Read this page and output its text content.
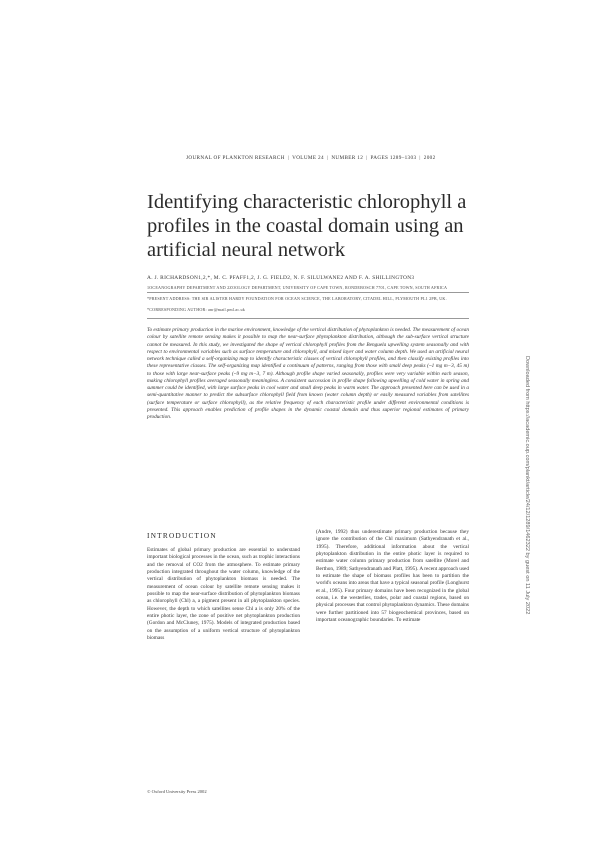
JOURNAL OF PLANKTON RESEARCH | VOLUME 24 | NUMBER 12 | PAGES 1289–1303 | 2002
Identifying characteristic chlorophyll a profiles in the coastal domain using an artificial neural network
A. J. RICHARDSON1,2,*, M. C. PFAFF1,2, J. G. FIELD2, N. F. SILULWANE2 AND F. A. SHILLINGTON3
1OCEANOGRAPHY DEPARTMENT AND 2ZOOLOGY DEPARTMENT, UNIVERSITY OF CAPE TOWN, RONDEBOSCH 7701, CAPE TOWN, SOUTH AFRICA
*PRESENT ADDRESS: THE SIR ALISTER HARDY FOUNDATION FOR OCEAN SCIENCE, THE LABORATORY, CITADEL HILL, PLYMOUTH PL1 2PB, UK.
*CORRESPONDING AUTHOR: anr@mail.pml.ac.uk

To estimate primary production in the marine environment, knowledge of the vertical distribution of phytoplankton is needed. The measurement of ocean colour by satellite remote sensing makes it possible to map the near-surface phytoplankton distribution, although the sub-surface vertical structure cannot be measured. In this study, we investigated the shape of vertical chlorophyll profiles from the Benguela upwelling system seasonally and with respect to environmental variables such as surface temperature and chlorophyll, and mixed layer and water column depth. We used an artificial neural network technique called a self-organizing map to identify characteristic classes of vertical chlorophyll profiles, and then classify existing profiles into these representative classes. The self-organizing map identified a continuum of patterns, ranging from those with small deep peaks (~1 mg m−3, 45 m) to those with large near-surface peaks (~9 mg m−3, 7 m). Although profile shape varied seasonally, profiles were very variable within each season, making chlorophyll profiles averaged seasonally meaningless. A consistent succession in profile shape following upwelling of cold water in spring and summer could be identified, with large surface peaks in cool water and small deep peaks in warm water. The approach presented here can be used in a semi-quantitative manner to predict the subsurface chlorophyll field from known (water column depth) or easily measured variables from satellites (surface temperature or surface chlorophyll), as the relative frequency of each characteristic profile under different environmental conditions is presented. This approach enables prediction of profile shapes in the dynamic coastal domain and thus superior regional estimates of primary production.

INTRODUCTION

Estimates of global primary production are essential to understand important biological processes in the ocean, such as trophic interactions and the removal of CO2 from the atmosphere. To estimate primary production integrated throughout the water column, knowledge of the vertical distribution of phytoplankton biomass is needed. The measurement of ocean colour by satellite remote sensing makes it possible to map the near-surface distribution of phytoplankton biomass as chlorophyll (Chl) a, a pigment present in all phytoplankton species. However, the depth to which satellites sense Chl a is only 20% of the entire photic layer, the zone of positive net phytoplankton production (Gordon and McCluney, 1975). Models of integrated production based on the assumption of a uniform vertical structure of phytoplankton biomass

(Andre, 1992) thus underestimate primary production because they ignore the contribution of the Chl maximum (Sathyendranath et al., 1995). Therefore, additional information about the vertical phytoplankton distribution in the entire photic layer is required to estimate water column primary production from satellite (Morel and Berthon, 1989; Sathyendranath and Platt, 1995). A recent approach used to estimate the shape of biomass profiles has been to partition the world's oceans into areas that have a typical seasonal profile (Longhurst et al., 1995). Four primary domains have been recognized in the global ocean, i.e. the westerlies, trades, polar and coastal regions, based on physical processes that control phytoplankton dynamics. These domains were further partitioned into 57 biogeochemical provinces, based on important oceanographic boundaries. To estimate

© Oxford University Press 2002
Downloaded from https://academic.oup.com/plankt/article/24/12/1289/1462322 by guest on 11 July 2022
